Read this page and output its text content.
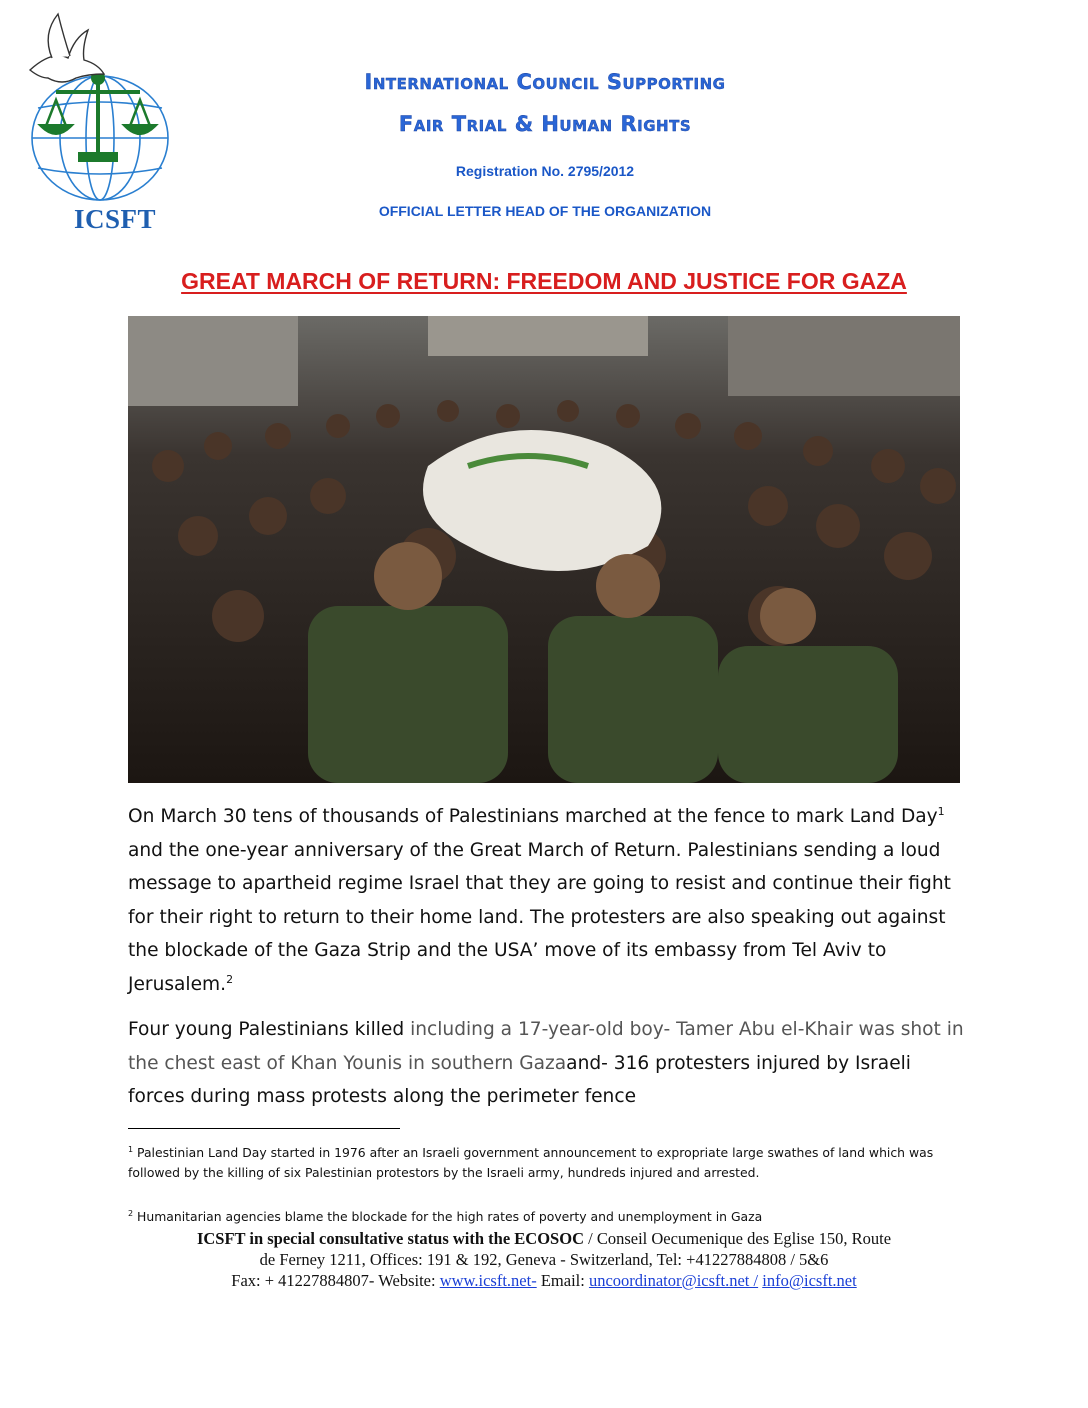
ICSFT
International Council Supporting
Fair Trial & Human Rights
Registration No. 2795/2012
OFFICIAL LETTER HEAD OF THE ORGANIZATION
GREAT MARCH OF RETURN: FREEDOM AND JUSTICE FOR GAZA
On March 30 tens of thousands of Palestinians marched at the fence to mark Land Day$^1$ and the one-year anniversary of the Great March of Return. Palestinians sending a loud message to apartheid regime Israel that they are going to resist and continue their fight for their right to return to their home land. The protesters are also speaking out against the blockade of the Gaza Strip and the USA’ move of its embassy from Tel Aviv to Jerusalem.$^2$
Four young Palestinians killed including a 17-year-old boy- Tamer Abu el-Khair was shot in the chest east of Khan Younis in southern Gazaand- 316 protesters injured by Israeli forces during mass protests along the perimeter fence
$^1$ Palestinian Land Day started in 1976 after an Israeli government announcement to expropriate large swathes of land which was followed by the killing of six Palestinian protestors by the Israeli army, hundreds injured and arrested.
$^2$ Humanitarian agencies blame the blockade for the high rates of poverty and unemployment in Gaza
ICSFT in special consultative status with the ECOSOC / Conseil Oecumenique des Eglise 150, Route
de Ferney 1211, Offices: 191 & 192, Geneva - Switzerland, Tel: +41227884808 / 5&6
Fax: + 41227884807- Website: www.icsft.net- Email: uncoordinator@icsft.net / info@icsft.net
